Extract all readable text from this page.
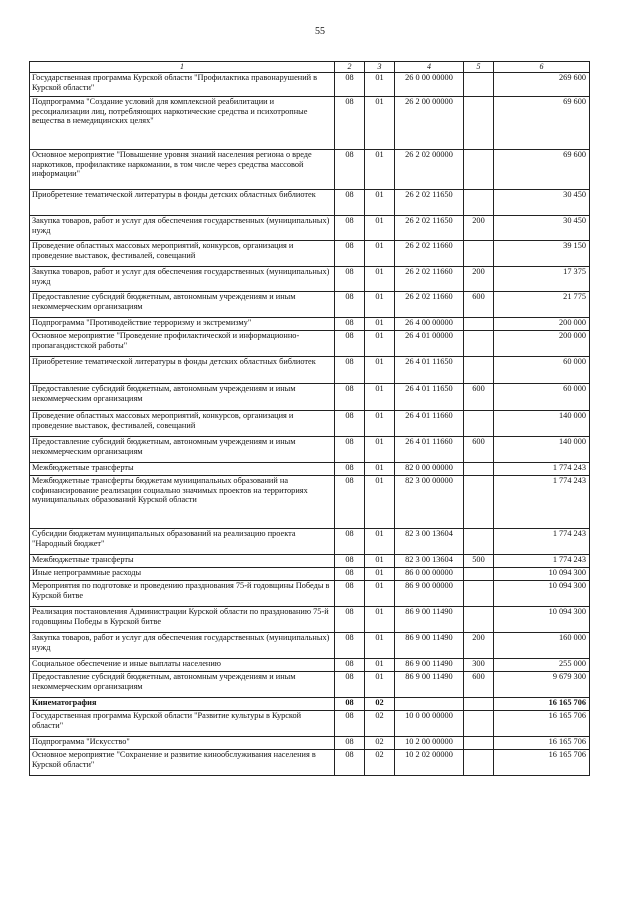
55
1	2	3	4	5	6
Государственная программа Курской области "Профилактика правонарушений в Курской области"	08	01	26 0 00 00000		269 600
Подпрограмма "Создание условий для комплексной реабилитации и ресоциализации лиц, потребляющих наркотические средства и психотропные вещества в немедицинских целях"	08	01	26 2 00 00000		69 600
Основное мероприятие "Повышение уровня знаний населения региона о вреде наркотиков, профилактике наркомании, в том числе через средства массовой информации"	08	01	26 2 02 00000		69 600
Приобретение тематической литературы в фонды детских областных библиотек	08	01	26 2 02 11650		30 450
Закупка товаров, работ и услуг для обеспечения государственных (муниципальных) нужд	08	01	26 2 02 11650	200	30 450
Проведение областных массовых мероприятий, конкурсов, организация и проведение выставок, фестивалей, совещаний	08	01	26 2 02 11660		39 150
Закупка товаров, работ и услуг для обеспечения государственных (муниципальных) нужд	08	01	26 2 02 11660	200	17 375
Предоставление субсидий бюджетным, автономным учреждениям и иным некоммерческим организациям	08	01	26 2 02 11660	600	21 775
Подпрограмма "Противодействие терроризму и экстремизму"	08	01	26 4 00 00000		200 000
Основное мероприятие "Проведение профилактической и информационно-пропагандистской работы"	08	01	26 4 01 00000		200 000
Приобретение тематической литературы в фонды детских областных библиотек	08	01	26 4 01 11650		60 000
Предоставление субсидий бюджетным, автономным учреждениям и иным некоммерческим организациям	08	01	26 4 01 11650	600	60 000
Проведение областных массовых мероприятий, конкурсов, организация и проведение выставок, фестивалей, совещаний	08	01	26 4 01 11660		140 000
Предоставление субсидий бюджетным, автономным учреждениям и иным некоммерческим организациям	08	01	26 4 01 11660	600	140 000
Межбюджетные трансферты	08	01	82 0 00 00000		1 774 243
Межбюджетные трансферты бюджетам муниципальных образований на софинансирование реализации социально значимых проектов на территориях муниципальных образований Курской области	08	01	82 3 00 00000		1 774 243
Субсидии бюджетам муниципальных образований на реализацию проекта "Народный бюджет"	08	01	82 3 00 13604		1 774 243
Межбюджетные трансферты	08	01	82 3 00 13604	500	1 774 243
Иные непрограммные расходы	08	01	86 0 00 00000		10 094 300
Мероприятия по подготовке и проведению празднования 75-й годовщины Победы в Курской битве	08	01	86 9 00 00000		10 094 300
Реализация постановления Администрации Курской области по празднованию 75-й годовщины Победы в Курской битве	08	01	86 9 00 11490		10 094 300
Закупка товаров, работ и услуг для обеспечения государственных (муниципальных) нужд	08	01	86 9 00 11490	200	160 000
Социальное обеспечение и иные выплаты населению	08	01	86 9 00 11490	300	255 000
Предоставление субсидий бюджетным, автономным учреждениям и иным некоммерческим организациям	08	01	86 9 00 11490	600	9 679 300
Кинематография	08	02			16 165 706
Государственная программа Курской области "Развитие культуры в Курской области"	08	02	10 0 00 00000		16 165 706
Подпрограмма "Искусство"	08	02	10 2 00 00000		16 165 706
Основное мероприятие "Сохранение и развитие кинообслуживания населения в Курской области"	08	02	10 2 02 00000		16 165 706
